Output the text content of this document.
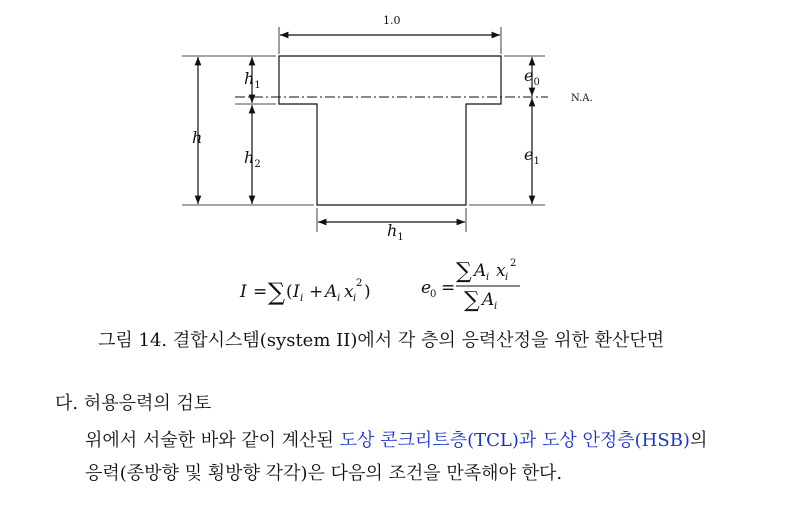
1.0
$h_1$
h
$h_2$
$e_0$
N.A.
$e_1$
$h_1$
I = ∑ ( I i + A i x i
2 )	e
0 =
∑ A i x i
2
∑ A i
그림 14. 결합시스템(system II)에서 각 층의 응력산정을 위한 환산단면
다. 허용응력의 검토
위에서 서술한 바와 같이 계산된 도상 콘크리트층(TCL)과 도상 안정층(HSB)의
응력(종방향 및 횡방향 각각)은 다음의 조건을 만족해야 한다.
